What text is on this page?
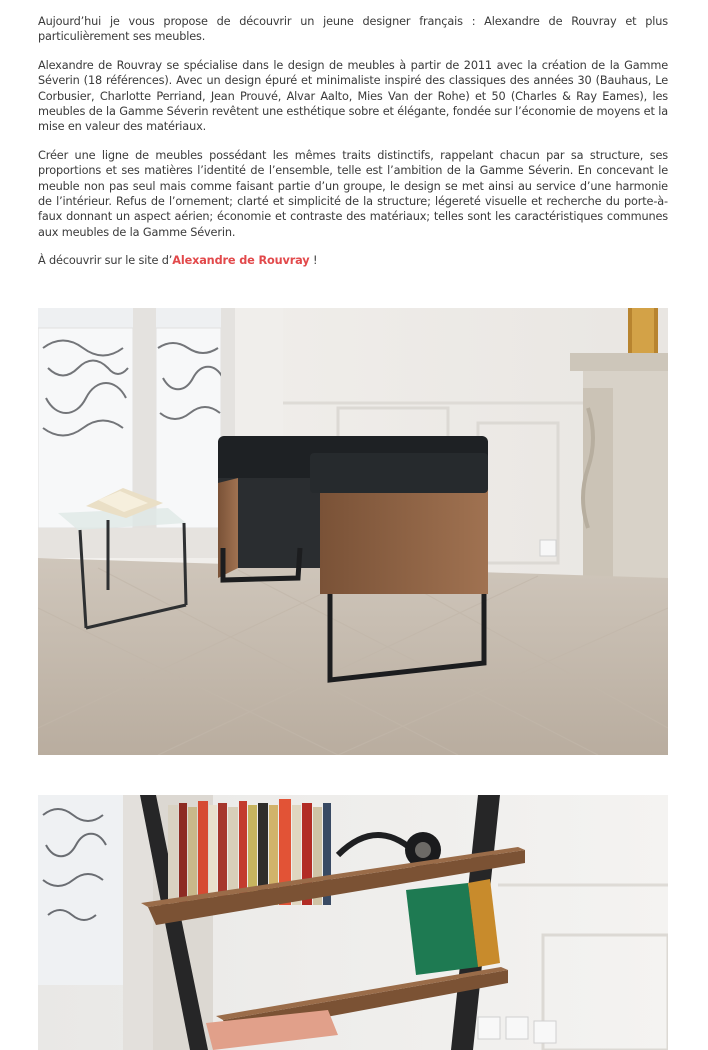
Aujourd’hui je vous propose de découvrir un jeune designer français : Alexandre de Rouvray et plus particulièrement ses meubles.

Alexandre de Rouvray se spécialise dans le design de meubles à partir de 2011 avec la création de la Gamme Séverin (18 références). Avec un design épuré et minimaliste inspiré des classiques des années 30 (Bauhaus, Le Corbusier, Charlotte Perriand, Jean Prouvé, Alvar Aalto, Mies Van der Rohe) et 50 (Charles & Ray Eames), les meubles de la Gamme Séverin revêtent une esthétique sobre et élégante, fondée sur l’économie de moyens et la mise en valeur des matériaux.

Créer une ligne de meubles possédant les mêmes traits distinctifs, rappelant chacun par sa structure, ses proportions et ses matières l’identité de l’ensemble, telle est l’ambition de la Gamme Séverin. En concevant le meuble non pas seul mais comme faisant partie d’un groupe, le design se met ainsi au service d’une harmonie de l’intérieur. Refus de l’ornement; clarté et simplicité de la structure; légereté visuelle et recherche du porte-à-faux donnant un aspect aérien; économie et contraste des matériaux; telles sont les caractéristiques communes aux meubles de la Gamme Séverin.

À découvrir sur le site d’Alexandre de Rouvray !
